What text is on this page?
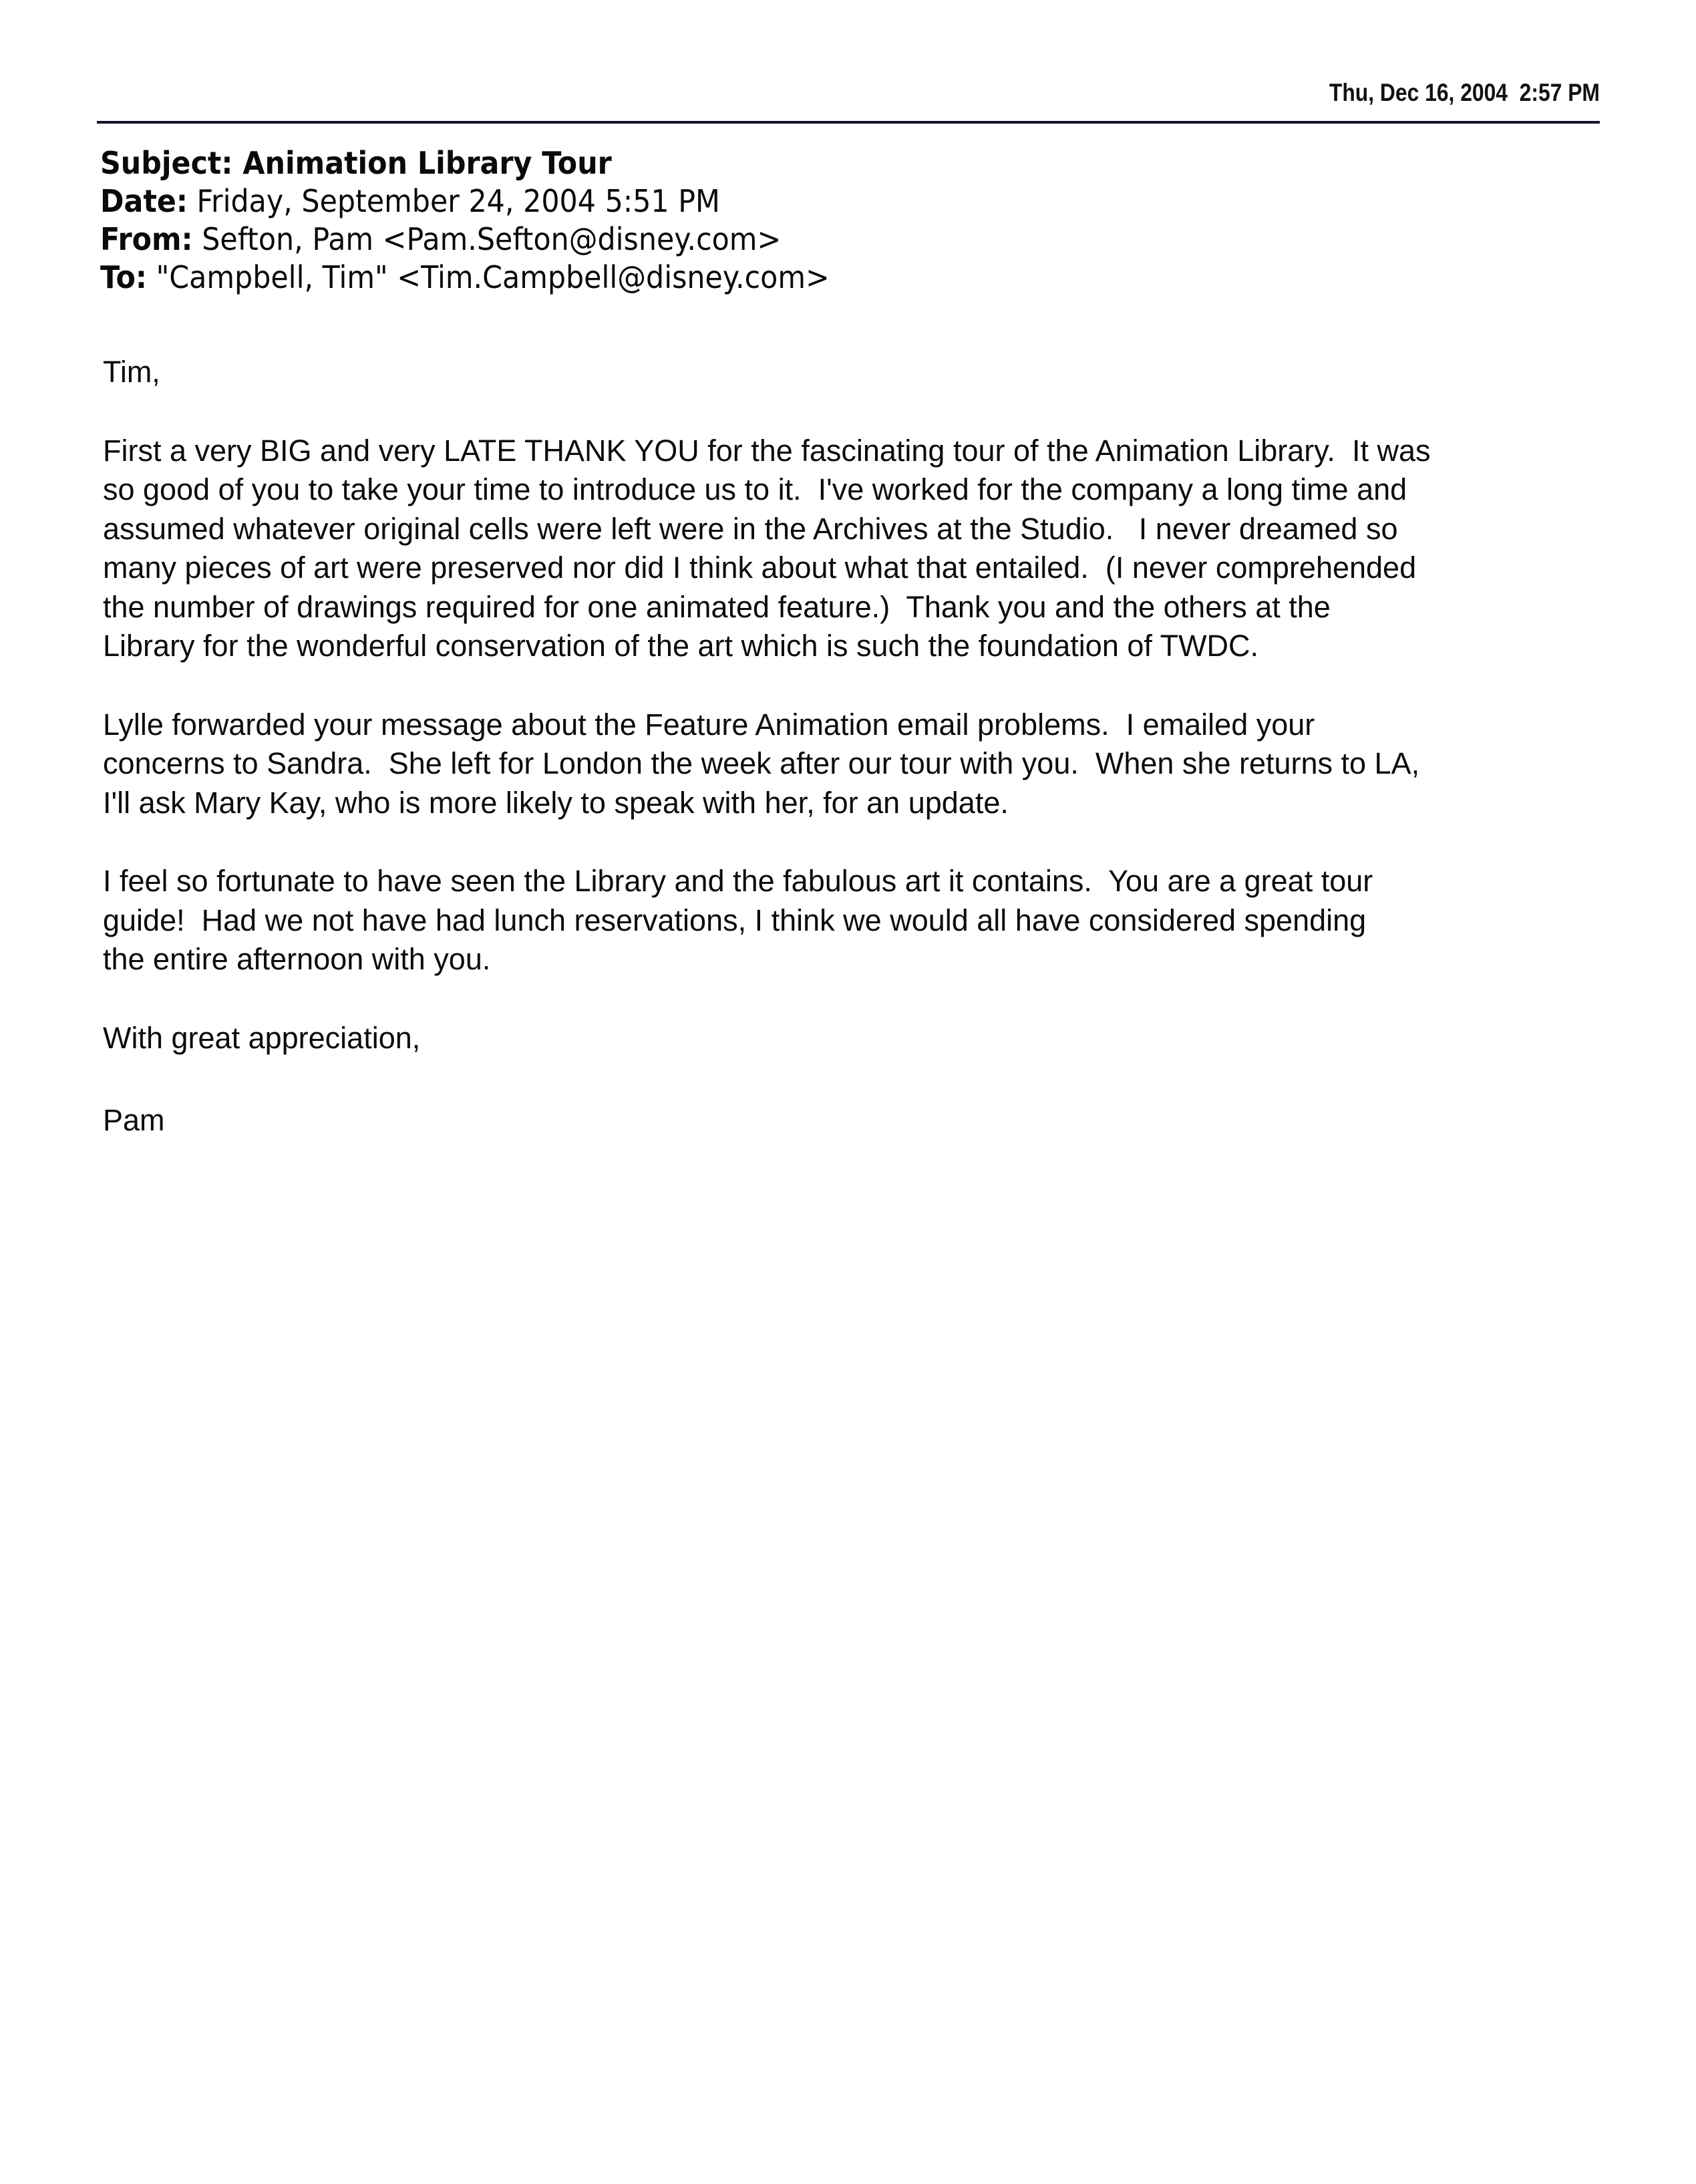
Thu, Dec 16, 2004  2:57 PM
Subject: Animation Library Tour
Date: Friday, September 24, 2004 5:51 PM
From: Sefton, Pam <Pam.Sefton@disney.com>
To: "Campbell, Tim" <Tim.Campbell@disney.com>
Tim,
First a very BIG and very LATE THANK YOU for the fascinating tour of the Animation Library.  It was
so good of you to take your time to introduce us to it.  I've worked for the company a long time and
assumed whatever original cells were left were in the Archives at the Studio.   I never dreamed so
many pieces of art were preserved nor did I think about what that entailed.  (I never comprehended
the number of drawings required for one animated feature.)  Thank you and the others at the
Library for the wonderful conservation of the art which is such the foundation of TWDC.
Lylle forwarded your message about the Feature Animation email problems.  I emailed your
concerns to Sandra.  She left for London the week after our tour with you.  When she returns to LA,
I'll ask Mary Kay, who is more likely to speak with her, for an update.
I feel so fortunate to have seen the Library and the fabulous art it contains.  You are a great tour
guide!  Had we not have had lunch reservations, I think we would all have considered spending
the entire afternoon with you.
With great appreciation,
Pam
